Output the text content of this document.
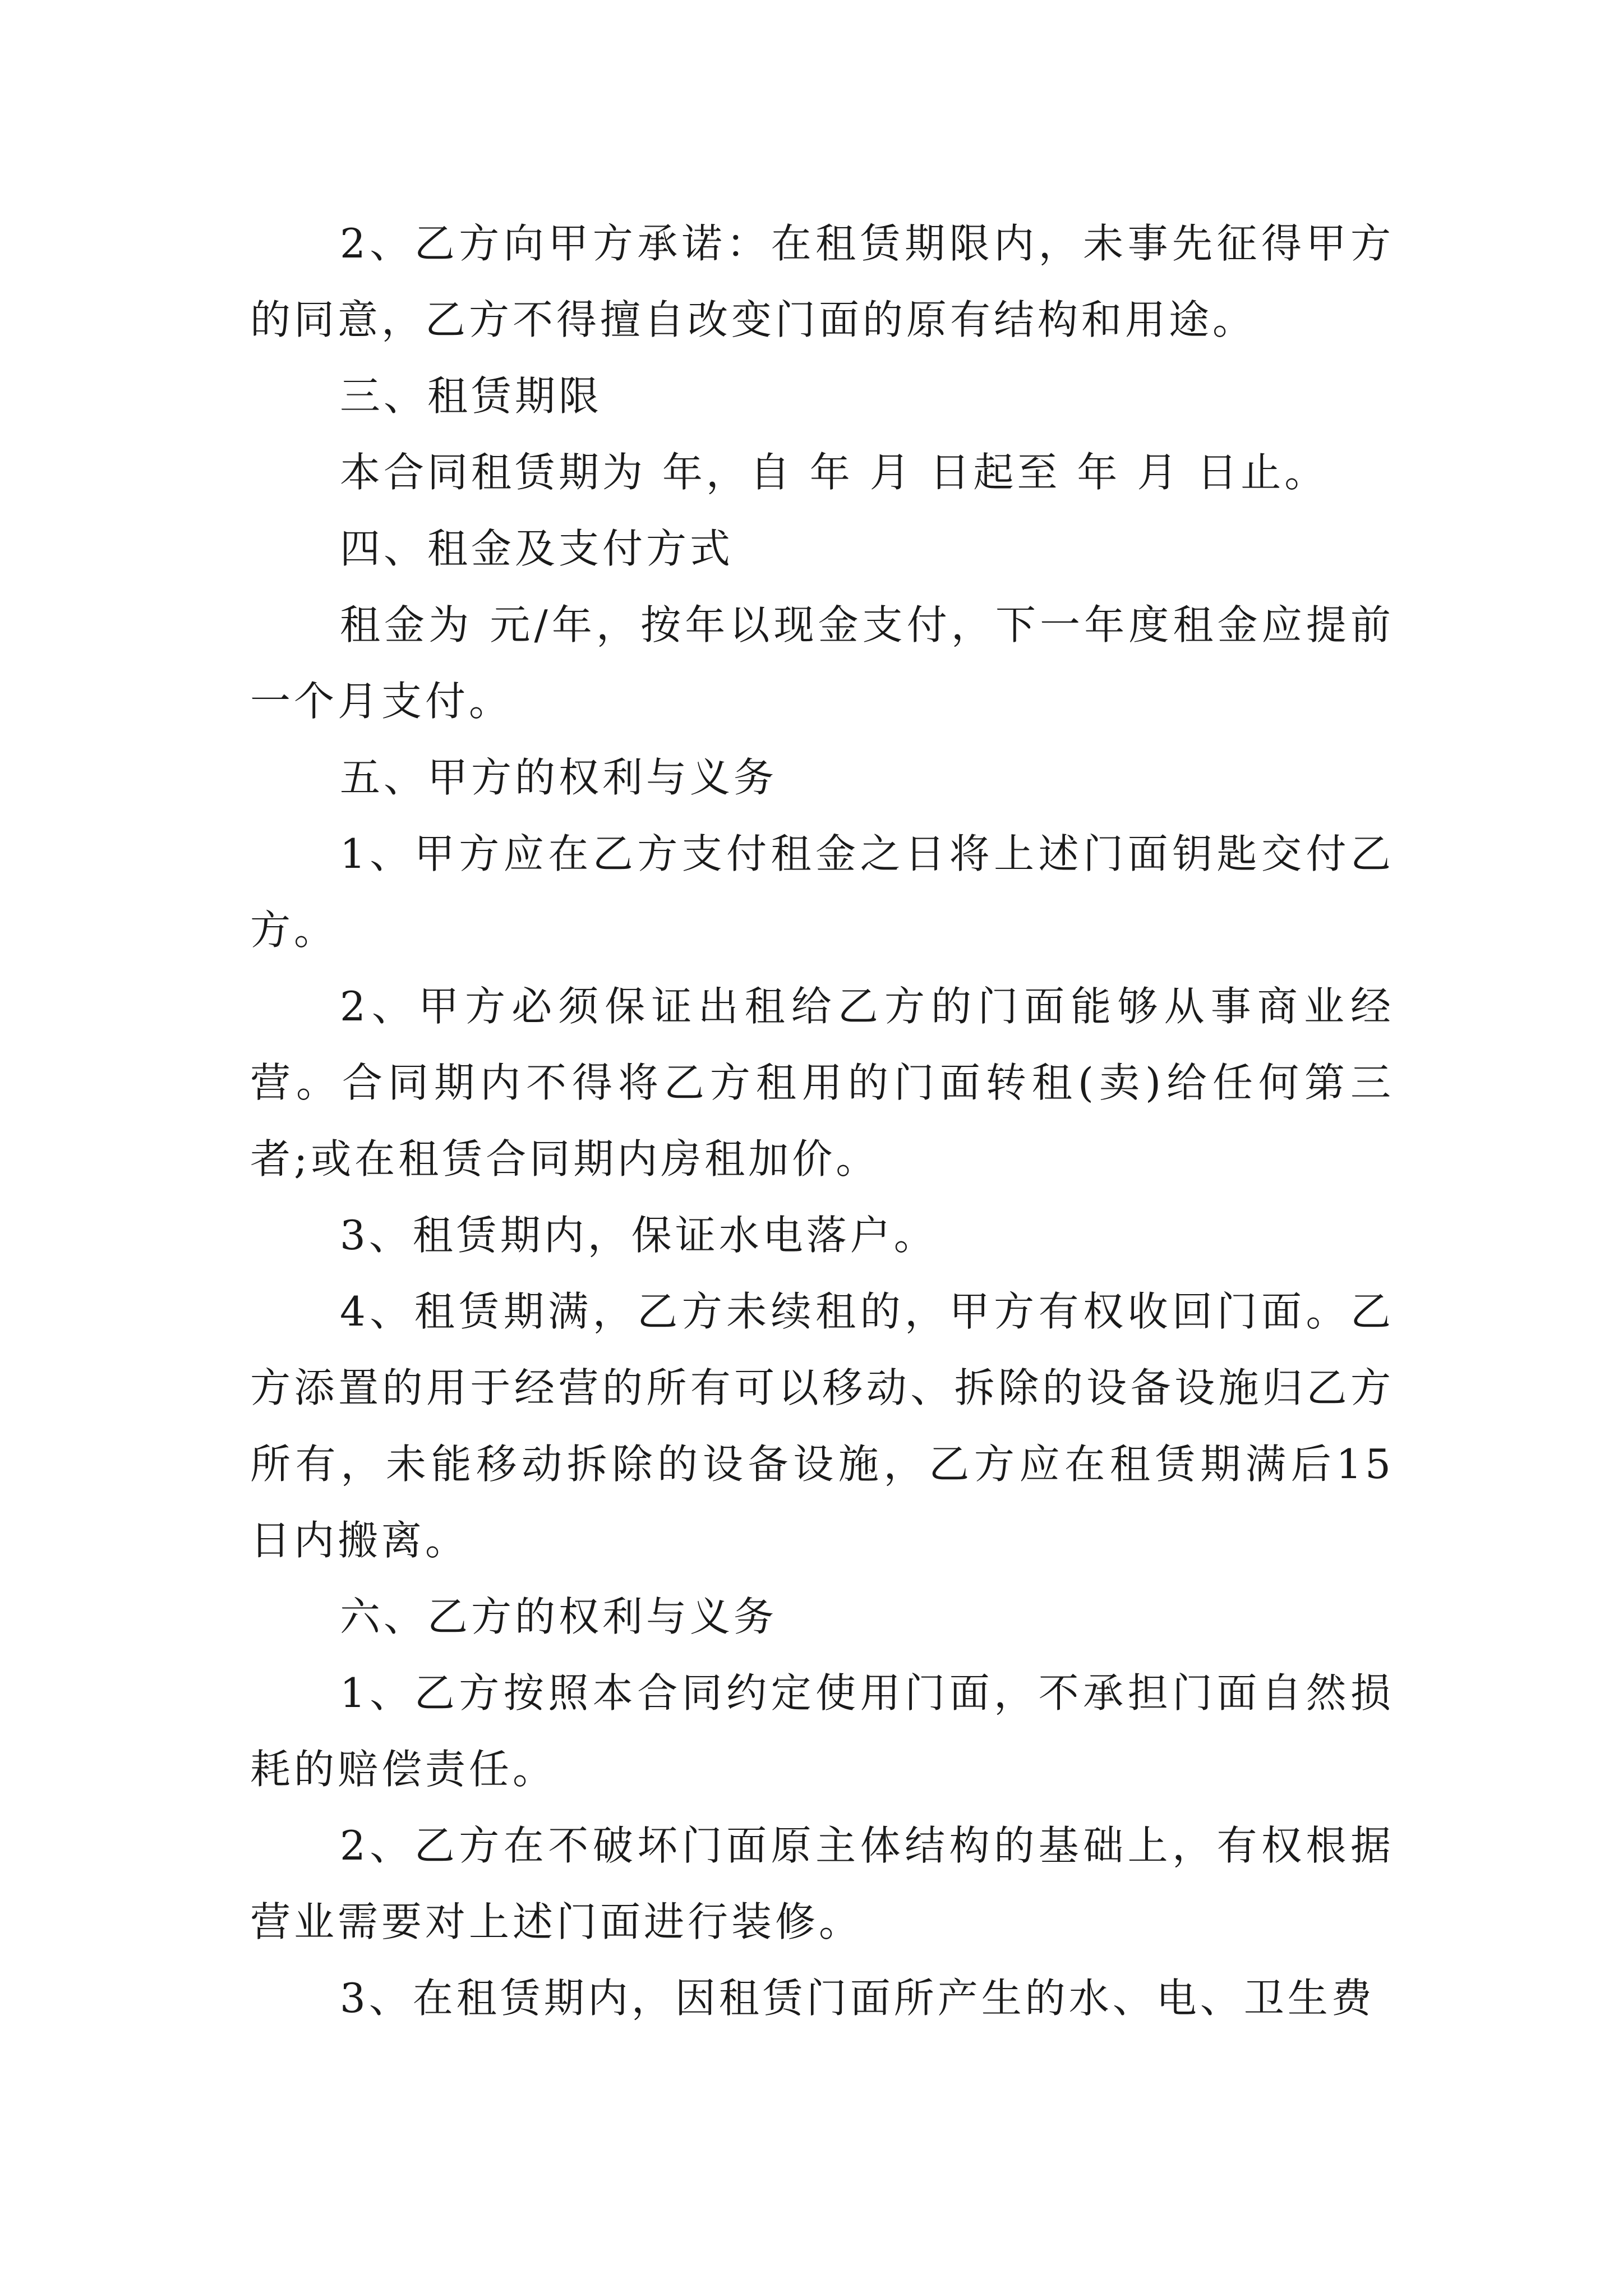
2、乙方向甲方承诺：在租赁期限内，未事先征得甲方的同意，乙方不得擅自改变门面的原有结构和用途。

三、租赁期限

本合同租赁期为 年，自 年 月 日起至 年 月 日止。

四、租金及支付方式

租金为 元/年，按年以现金支付，下一年度租金应提前一个月支付。

五、甲方的权利与义务

1、甲方应在乙方支付租金之日将上述门面钥匙交付乙方。

2、甲方必须保证出租给乙方的门面能够从事商业经营。合同期内不得将乙方租用的门面转租(卖)给任何第三者;或在租赁合同期内房租加价。

3、租赁期内，保证水电落户。

4、租赁期满，乙方未续租的，甲方有权收回门面。乙方添置的用于经营的所有可以移动、拆除的设备设施归乙方所有，未能移动拆除的设备设施，乙方应在租赁期满后15日内搬离。

六、乙方的权利与义务

1、乙方按照本合同约定使用门面，不承担门面自然损耗的赔偿责任。

2、乙方在不破坏门面原主体结构的基础上，有权根据营业需要对上述门面进行装修。

3、在租赁期内，因租赁门面所产生的水、电、卫生费
